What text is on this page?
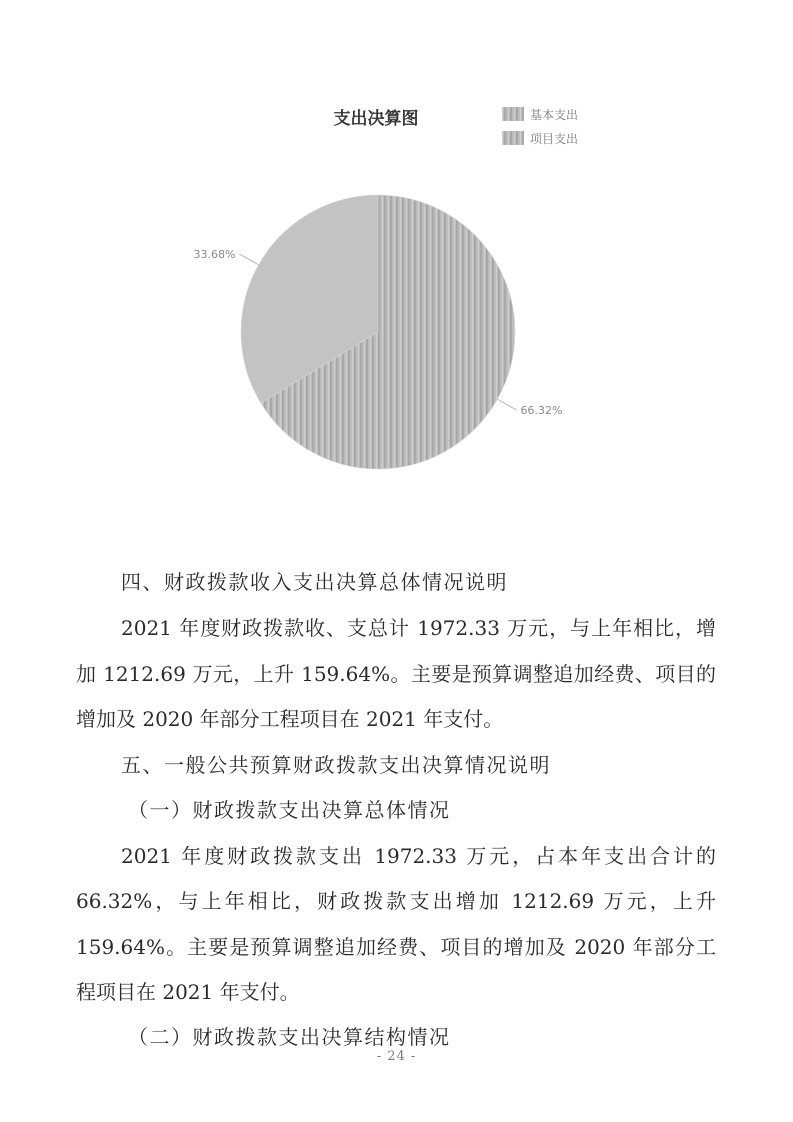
支出决算图	基本支出
项目支出
33.68%
66.32%
四、财政拨款收入支出决算总体情况说明
2021 年度财政拨款收、支总计 1972.33 万元，与上年相比，增
加 1212.69 万元，上升 159.64%。主要是预算调整追加经费、项目的
增加及 2020 年部分工程项目在 2021 年支付。
五、一般公共预算财政拨款支出决算情况说明
（一）财政拨款支出决算总体情况
2021 年度财政拨款支出 1972.33 万元，占本年支出合计的
66.32%，与上年相比，财政拨款支出增加 1212.69 万元，上升
159.64%。主要是预算调整追加经费、项目的增加及 2020 年部分工
程项目在 2021 年支付。
（二）财政拨款支出决算结构情况
- 24 -
